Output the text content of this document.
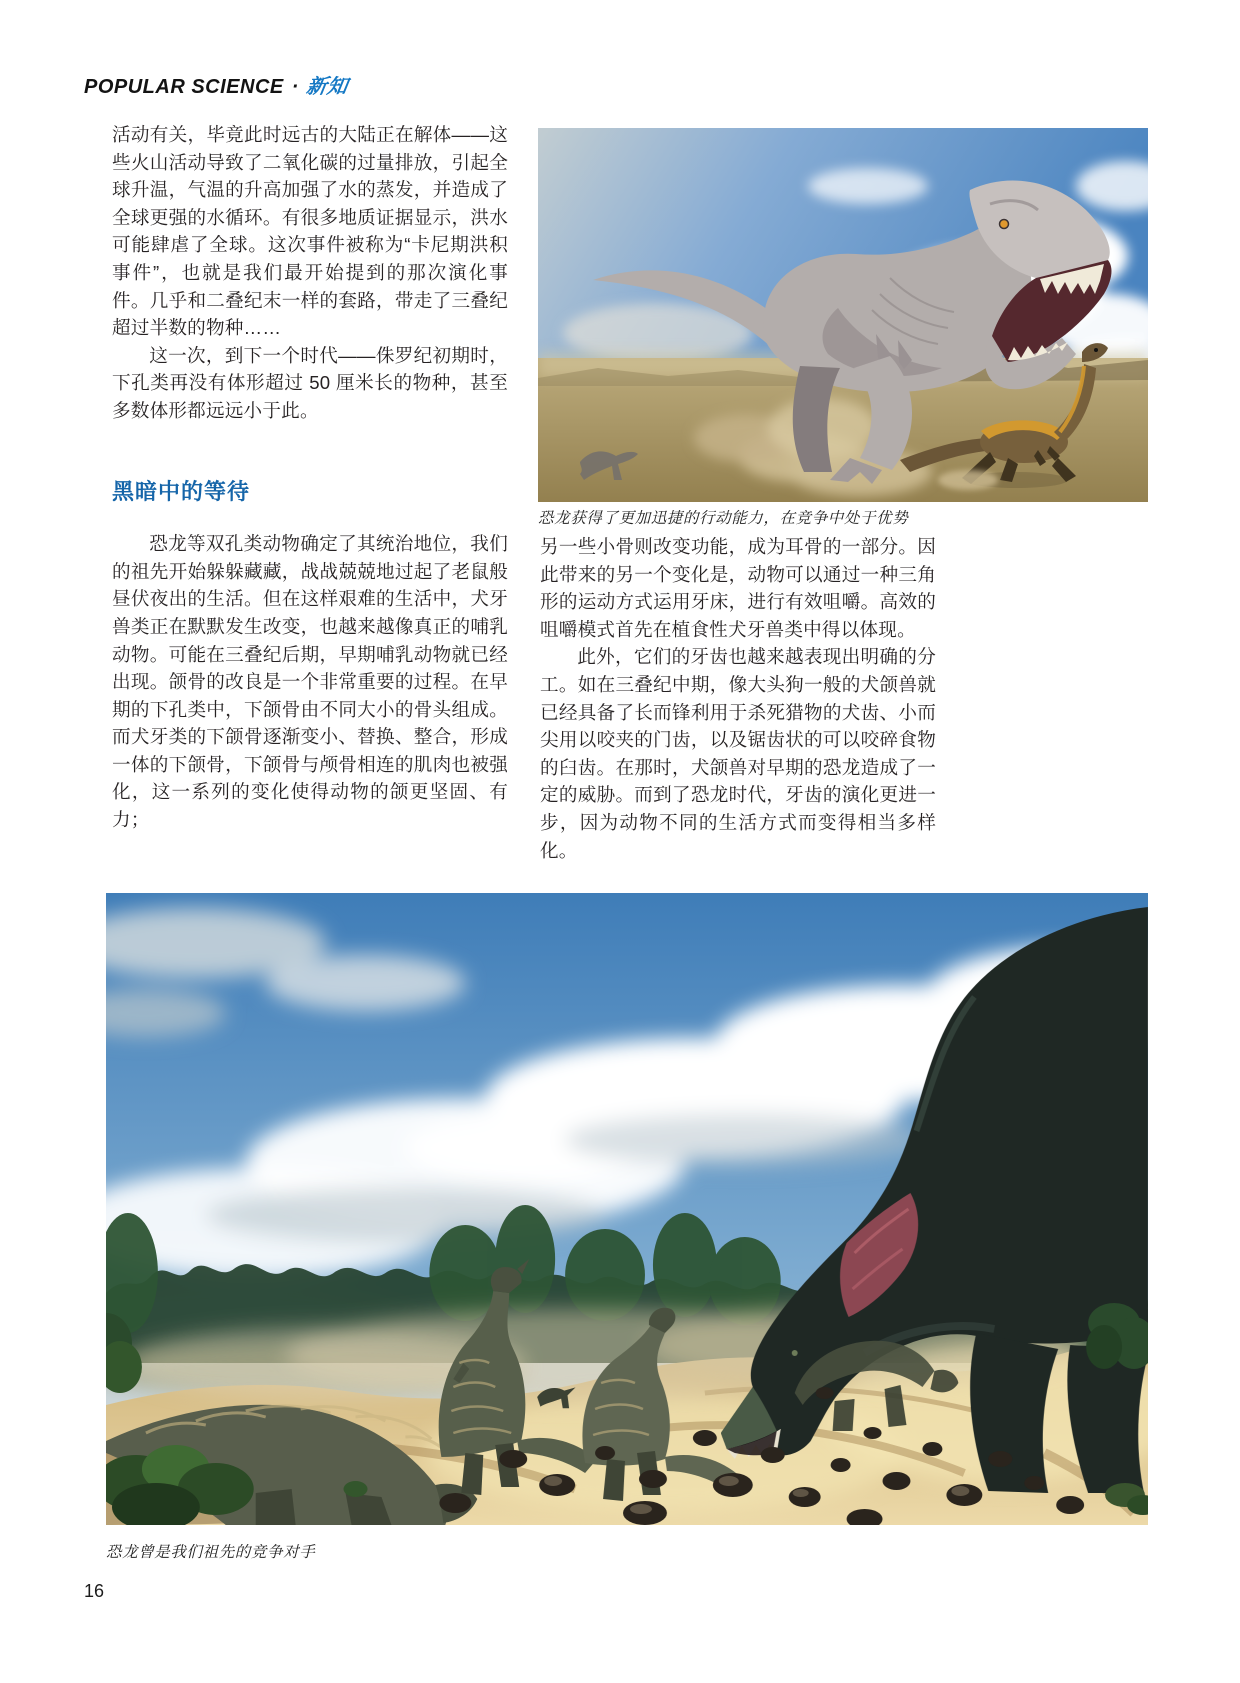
POPULAR SCIENCE · 新知

活动有关，毕竟此时远古的大陆正在解体——这些火山活动导致了二氧化碳的过量排放，引起全球升温，气温的升高加强了水的蒸发，并造成了全球更强的水循环。有很多地质证据显示，洪水可能肆虐了全球。这次事件被称为“卡尼期洪积事件”，也就是我们最开始提到的那次演化事件。几乎和二叠纪末一样的套路，带走了三叠纪超过半数的物种……

这一次，到下一个时代——侏罗纪初期时，下孔类再没有体形超过 50 厘米长的物种，甚至多数体形都远远小于此。

黑暗中的等待

恐龙等双孔类动物确定了其统治地位，我们的祖先开始躲躲藏藏，战战兢兢地过起了老鼠般昼伏夜出的生活。但在这样艰难的生活中，犬牙兽类正在默默发生改变，也越来越像真正的哺乳动物。可能在三叠纪后期，早期哺乳动物就已经出现。颌骨的改良是一个非常重要的过程。在早期的下孔类中，下颌骨由不同大小的骨头组成。而犬牙类的下颌骨逐渐变小、替换、整合，形成一体的下颌骨，下颌骨与颅骨相连的肌肉也被强化，这一系列的变化使得动物的颌更坚固、有力；

恐龙获得了更加迅捷的行动能力，在竞争中处于优势

另一些小骨则改变功能，成为耳骨的一部分。因此带来的另一个变化是，动物可以通过一种三角形的运动方式运用牙床，进行有效咀嚼。高效的咀嚼模式首先在植食性犬牙兽类中得以体现。

此外，它们的牙齿也越来越表现出明确的分工。如在三叠纪中期，像大头狗一般的犬颌兽就已经具备了长而锋利用于杀死猎物的犬齿、小而尖用以咬夹的门齿，以及锯齿状的可以咬碎食物的臼齿。在那时，犬颌兽对早期的恐龙造成了一定的威胁。而到了恐龙时代，牙齿的演化更进一步，因为动物不同的生活方式而变得相当多样化。

恐龙曾是我们祖先的竞争对手
16
